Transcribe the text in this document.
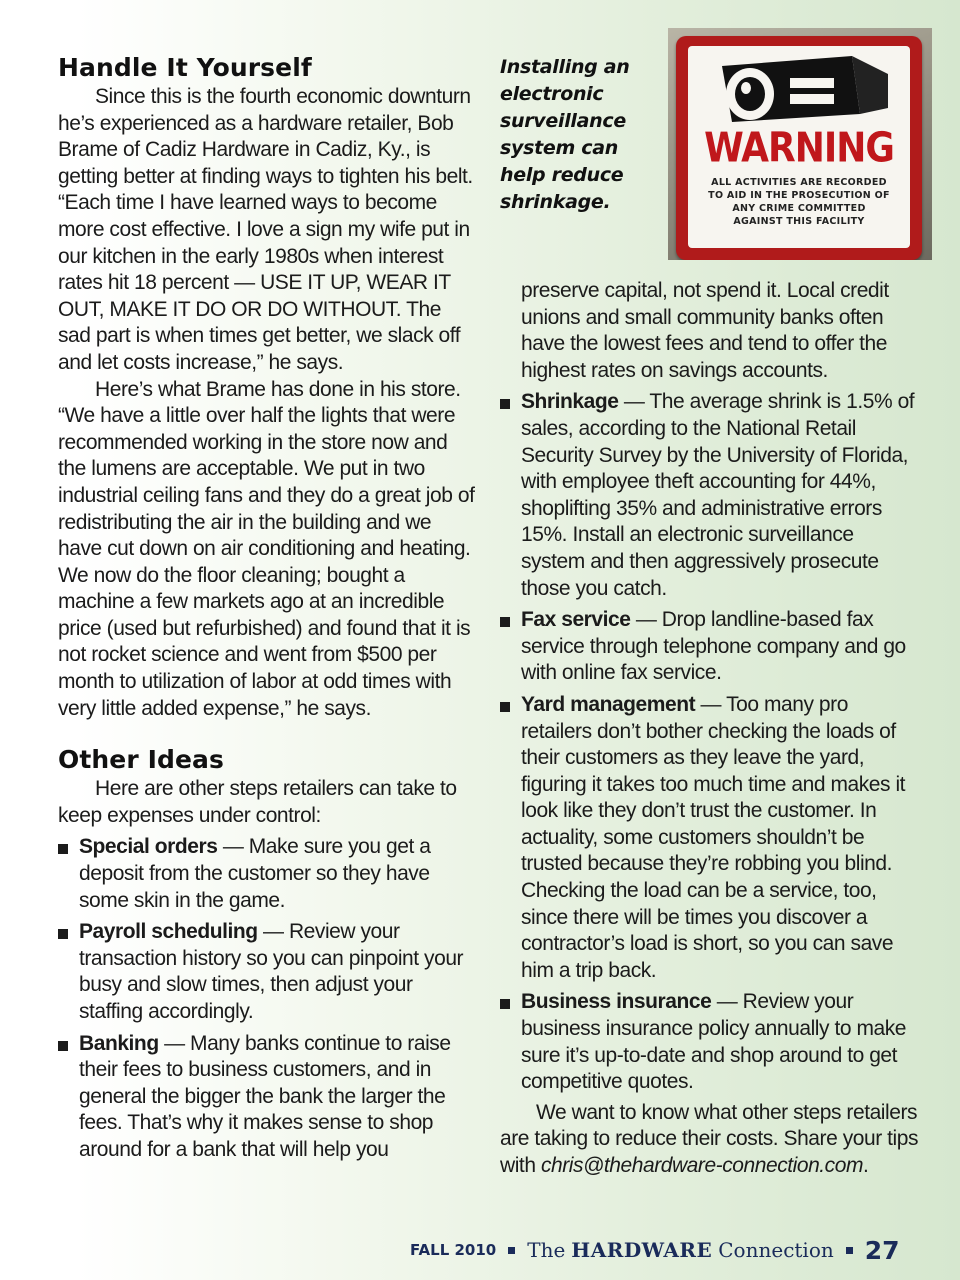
Handle It Yourself

Since this is the fourth economic downturn he’s experienced as a hardware retailer, Bob Brame of Cadiz Hardware in Cadiz, Ky., is getting better at finding ways to tighten his belt. “Each time I have learned ways to become more cost effective. I love a sign my wife put in our kitchen in the early 1980s when interest rates hit 18 percent — USE IT UP, WEAR IT OUT, MAKE IT DO OR DO WITHOUT. The sad part is when times get better, we slack off and let costs increase,” he says.

Here’s what Brame has done in his store. “We have a little over half the lights that were recommended working in the store now and the lumens are acceptable. We put in two industrial ceiling fans and they do a great job of redistributing the air in the building and we have cut down on air conditioning and heating. We now do the floor cleaning; bought a machine a few markets ago at an incredible price (used but refurbished) and found that it is not rocket science and went from $500 per month to utilization of labor at odd times with very little added expense,” he says.

Other Ideas

Here are other steps retailers can take to keep expenses under control:

Special orders — Make sure you get a deposit from the customer so they have some skin in the game.
Payroll scheduling — Review your transaction history so you can pinpoint your busy and slow times, then adjust your staffing accordingly.
Banking — Many banks continue to raise their fees to business customers, and in general the bigger the bank the larger the fees. That’s why it makes sense to shop around for a bank that will help you
Installing an electronic surveillance system can help reduce shrinkage.
WARNING
ALL ACTIVITIES ARE RECORDED TO AID IN THE PROSECUTION OF ANY CRIME COMMITTED AGAINST THIS FACILITY

preserve capital, not spend it. Local credit unions and small community banks often have the lowest fees and tend to offer the highest rates on savings accounts.

Shrinkage — The average shrink is 1.5% of sales, according to the National Retail Security Survey by the University of Florida, with employee theft accounting for 44%, shoplifting 35% and administrative errors 15%. Install an electronic surveillance system and then aggressively prosecute those you catch.
Fax service — Drop landline-based fax service through telephone company and go with online fax service.
Yard management — Too many pro retailers don’t bother checking the loads of their customers as they leave the yard, figuring it takes too much time and makes it look like they don’t trust the customer. In actuality, some customers shouldn’t be trusted because they’re robbing you blind. Checking the load can be a service, too, since there will be times you discover a contractor’s load is short, so you can save him a trip back.
Business insurance — Review your business insurance policy annually to make sure it’s up-to-date and shop around to get competitive quotes.

We want to know what other steps retailers are taking to reduce their costs. Share your tips with chris@thehardware-connection.com.

FALL 2010 The HARDWARE Connection 27
